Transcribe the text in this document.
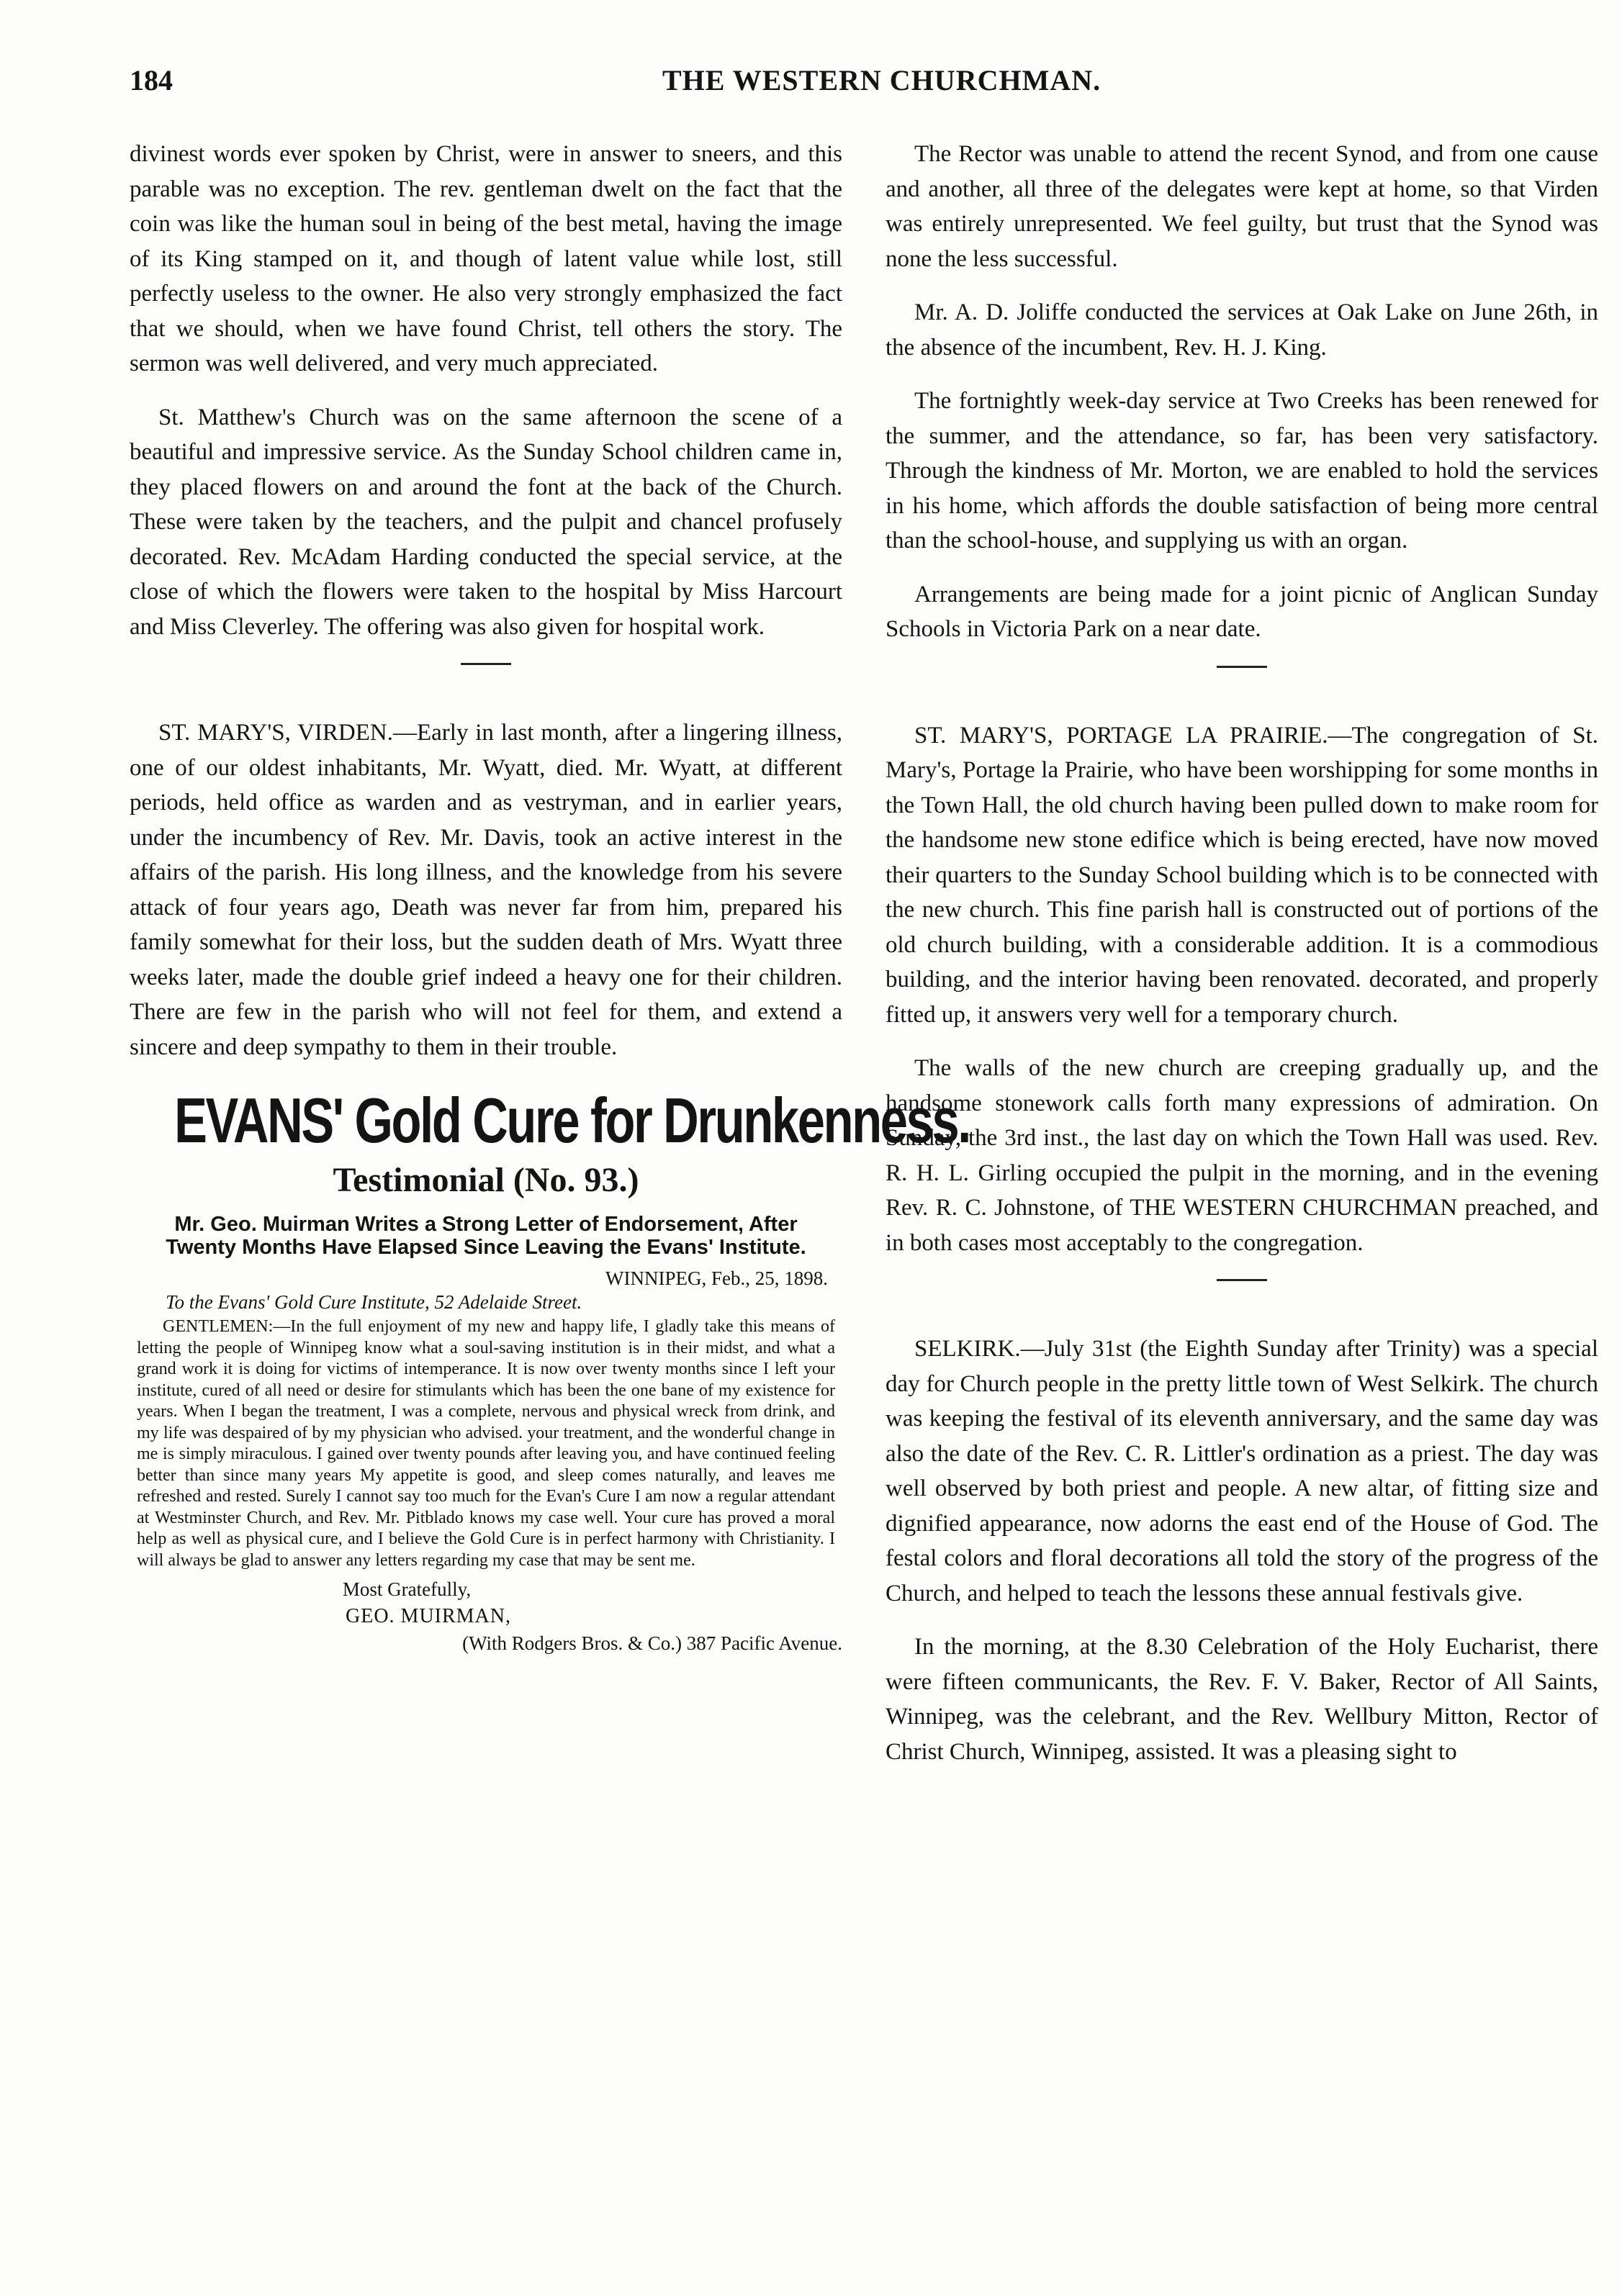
184	THE WESTERN CHURCHMAN.

divinest words ever spoken by Christ, were in answer to sneers, and this parable was no exception. The rev. gentleman dwelt on the fact that the coin was like the human soul in being of the best metal, having the image of its King stamped on it, and though of latent value while lost, still perfectly useless to the owner. He also very strongly emphasized the fact that we should, when we have found Christ, tell others the story. The sermon was well delivered, and very much appreciated.

St. Matthew's Church was on the same afternoon the scene of a beautiful and impressive service. As the Sunday School children came in, they placed flowers on and around the font at the back of the Church. These were taken by the teachers, and the pulpit and chancel profusely decorated. Rev. McAdam Harding conducted the special service, at the close of which the flowers were taken to the hospital by Miss Harcourt and Miss Cleverley. The offering was also given for hospital work.

ST. MARY'S, VIRDEN.—Early in last month, after a lingering illness, one of our oldest inhabitants, Mr. Wyatt, died. Mr. Wyatt, at different periods, held office as warden and as vestryman, and in earlier years, under the incumbency of Rev. Mr. Davis, took an active interest in the affairs of the parish. His long illness, and the knowledge from his severe attack of four years ago, Death was never far from him, prepared his family somewhat for their loss, but the sudden death of Mrs. Wyatt three weeks later, made the double grief indeed a heavy one for their children. There are few in the parish who will not feel for them, and extend a sincere and deep sympathy to them in their trouble.

EVANS' Gold Cure for Drunkenness.
Testimonial (No. 93.)
Mr. Geo. Muirman Writes a Strong Letter of Endorsement, After Twenty Months Have Elapsed Since Leaving the Evans' Institute.
WINNIPEG, Feb., 25, 1898.
To the Evans' Gold Cure Institute, 52 Adelaide Street.
GENTLEMEN:—In the full enjoyment of my new and happy life, I gladly take this means of letting the people of Winnipeg know what a soul-saving institution is in their midst, and what a grand work it is doing for victims of intemperance. It is now over twenty months since I left your institute, cured of all need or desire for stimulants which has been the one bane of my existence for years. When I began the treatment, I was a complete, nervous and physical wreck from drink, and my life was despaired of by my physician who advised. your treatment, and the wonderful change in me is simply miraculous. I gained over twenty pounds after leaving you, and have continued feeling better than since many years My appetite is good, and sleep comes naturally, and leaves me refreshed and rested. Surely I cannot say too much for the Evan's Cure I am now a regular attendant at Westminster Church, and Rev. Mr. Pitblado knows my case well. Your cure has proved a moral help as well as physical cure, and I believe the Gold Cure is in perfect harmony with Christianity. I will always be glad to answer any letters regarding my case that may be sent me.
Most Gratefully,
GEO. MUIRMAN,
(With Rodgers Bros. & Co.) 387 Pacific Avenue.

The Rector was unable to attend the recent Synod, and from one cause and another, all three of the delegates were kept at home, so that Virden was entirely unrepresented. We feel guilty, but trust that the Synod was none the less successful.

Mr. A. D. Joliffe conducted the services at Oak Lake on June 26th, in the absence of the incumbent, Rev. H. J. King.

The fortnightly week-day service at Two Creeks has been renewed for the summer, and the attendance, so far, has been very satisfactory. Through the kindness of Mr. Morton, we are enabled to hold the services in his home, which affords the double satisfaction of being more central than the school-house, and supplying us with an organ.

Arrangements are being made for a joint picnic of Anglican Sunday Schools in Victoria Park on a near date.

ST. MARY'S, PORTAGE LA PRAIRIE.—The congregation of St. Mary's, Portage la Prairie, who have been worshipping for some months in the Town Hall, the old church having been pulled down to make room for the handsome new stone edifice which is being erected, have now moved their quarters to the Sunday School building which is to be connected with the new church. This fine parish hall is constructed out of portions of the old church building, with a considerable addition. It is a commodious building, and the interior having been renovated. decorated, and properly fitted up, it answers very well for a temporary church.

The walls of the new church are creeping gradually up, and the handsome stonework calls forth many expressions of admiration. On Sunday, the 3rd inst., the last day on which the Town Hall was used. Rev. R. H. L. Girling occupied the pulpit in the morning, and in the evening Rev. R. C. Johnstone, of THE WESTERN CHURCHMAN preached, and in both cases most acceptably to the congregation.

SELKIRK.—July 31st (the Eighth Sunday after Trinity) was a special day for Church people in the pretty little town of West Selkirk. The church was keeping the festival of its eleventh anniversary, and the same day was also the date of the Rev. C. R. Littler's ordination as a priest. The day was well observed by both priest and people. A new altar, of fitting size and dignified appearance, now adorns the east end of the House of God. The festal colors and floral decorations all told the story of the progress of the Church, and helped to teach the lessons these annual festivals give.

In the morning, at the 8.30 Celebration of the Holy Eucharist, there were fifteen communicants, the Rev. F. V. Baker, Rector of All Saints, Winnipeg, was the celebrant, and the Rev. Wellbury Mitton, Rector of Christ Church, Winnipeg, assisted. It was a pleasing sight to
